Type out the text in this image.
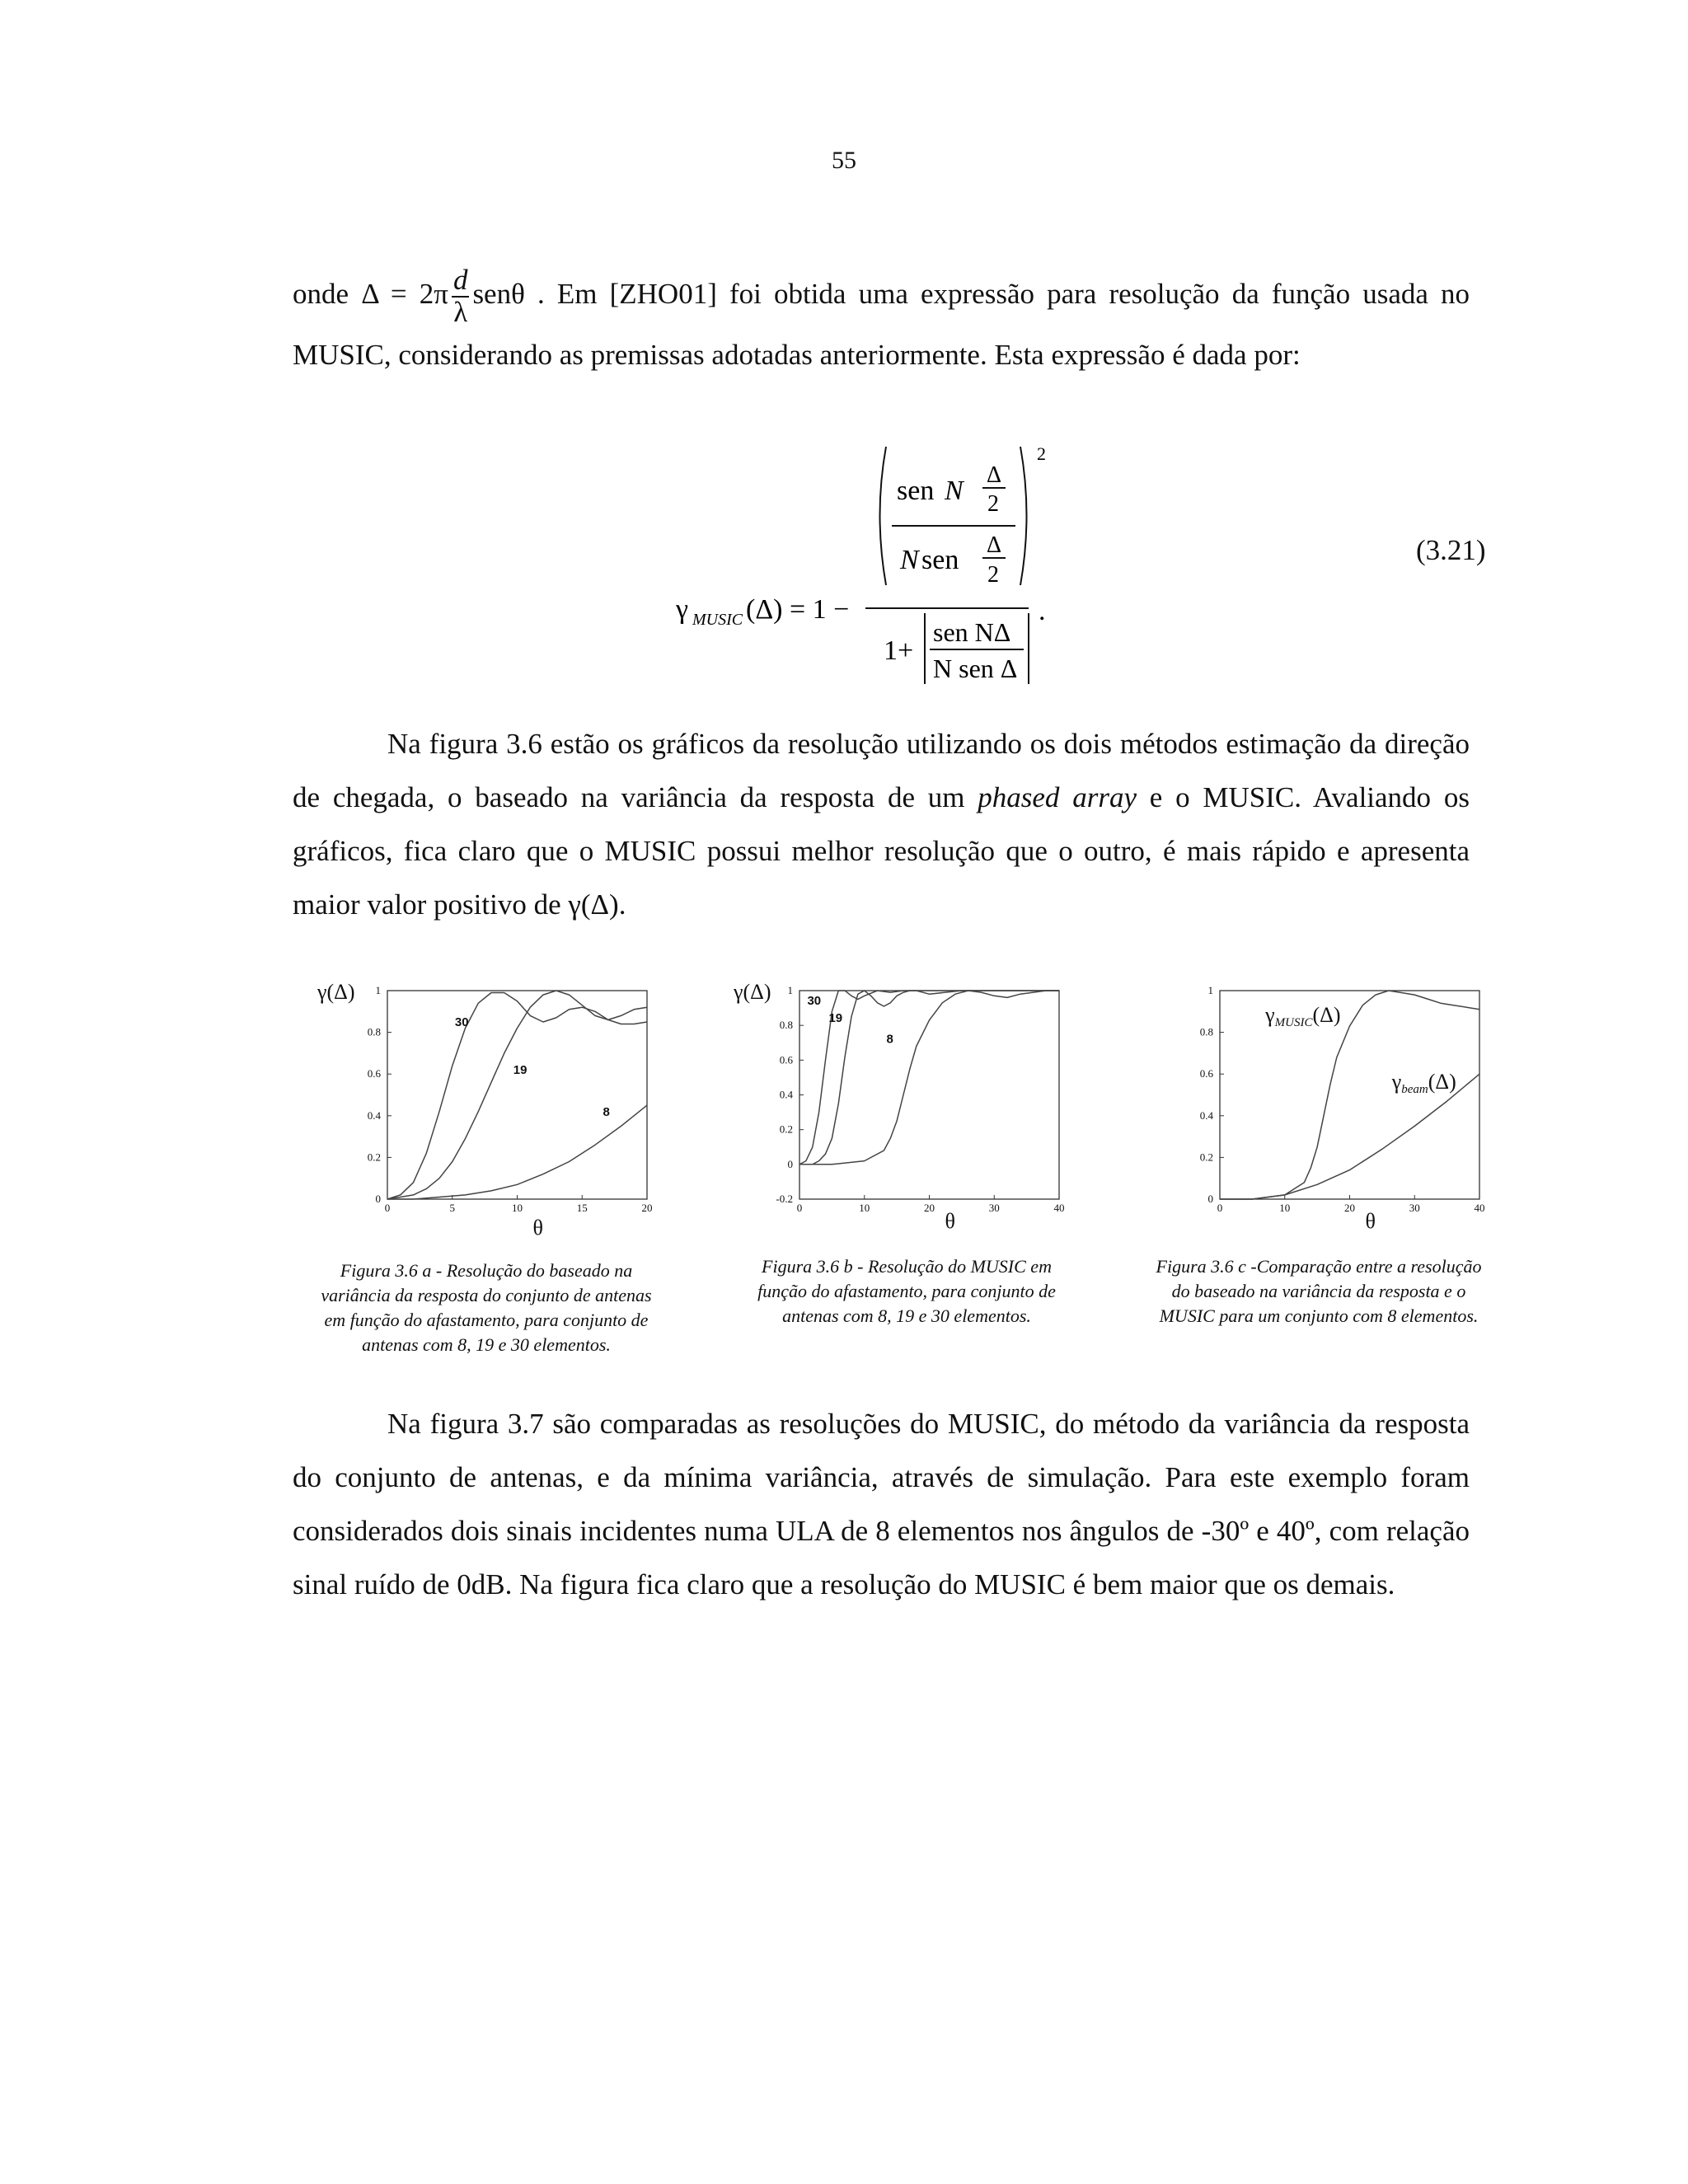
55

onde $\Delta = 2\pi \frac{d}{\lambda}$ senθ . Em [ZHO01] foi obtida uma expressão para resolução da função usada no MUSIC, considerando as premissas adotadas anteriormente. Esta expressão é dada por:

2
sen N
Δ
2
N sen Δ
2
γ MUSIC (Δ) = 1 −	.
1+
sen NΔ
N sen Δ
(3.21)

Na figura 3.6 estão os gráficos da resolução utilizando os dois métodos estimação da direção de chegada, o baseado na variância da resposta de um phased array e o MUSIC. Avaliando os gráficos, fica claro que o MUSIC possui melhor resolução que o outro, é mais rápido e apresenta maior valor positivo de γ(Δ).

0	5	10	15	20
0
0.2
0.4
0.6
0.8
1
30
19
8
γ(Δ)
θ
0	10	20	30	40
-0.2
0
0.2
0.4
0.6
0.8
1
30
19
8
γ(Δ)
θ
0	10	20	30	40
0
0.2
0.4
0.6
0.8
1
θ
γMUSIC(Δ)
γbeam(Δ)
Figura 3.6 a - Resolução do baseado na
variância da resposta do conjunto de antenas
em função do afastamento, para conjunto de
antenas com 8, 19 e 30 elementos.
Figura 3.6 b - Resolução do MUSIC em
função do afastamento, para conjunto de
antenas com 8, 19 e 30 elementos.
Figura 3.6 c -Comparação entre a resolução
do baseado na variância da resposta e o
MUSIC para um conjunto com 8 elementos.

Na figura 3.7 são comparadas as resoluções do MUSIC, do método da variância da resposta do conjunto de antenas, e da mínima variância, através de simulação. Para este exemplo foram considerados dois sinais incidentes numa ULA de 8 elementos nos ângulos de -30º e 40º, com relação sinal ruído de 0dB. Na figura fica claro que a resolução do MUSIC é bem maior que os demais.
